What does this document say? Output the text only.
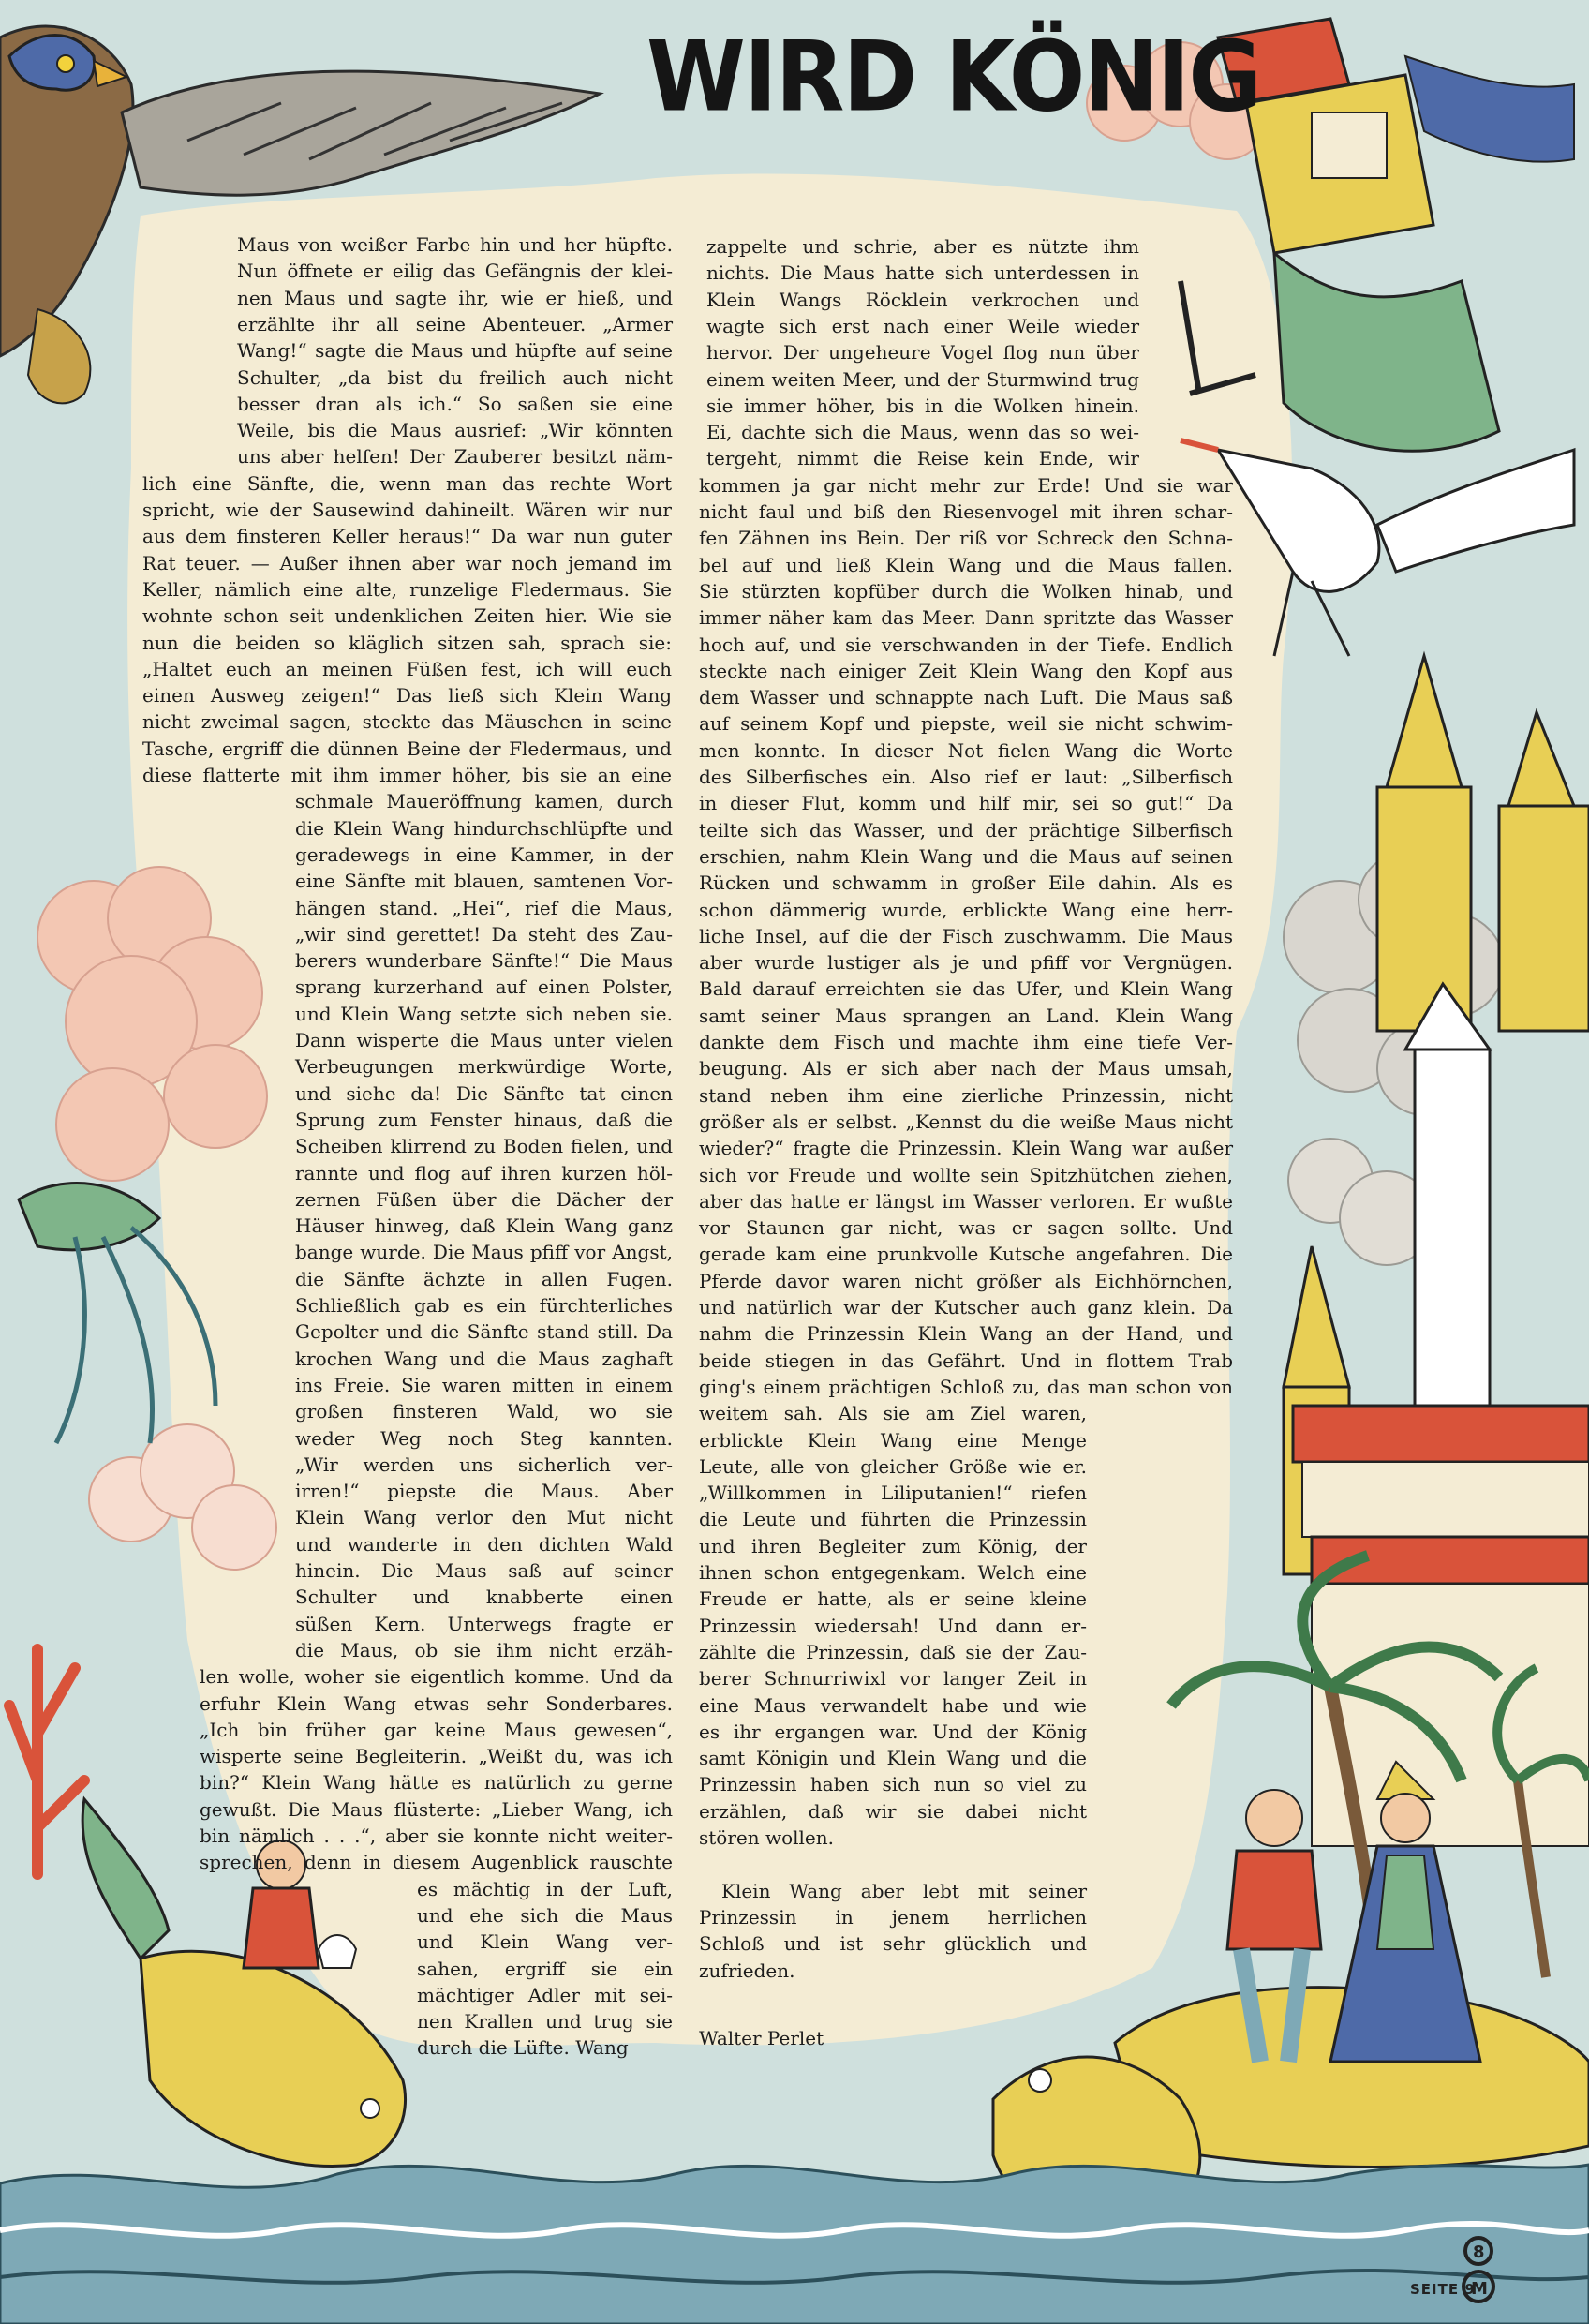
M
8
WIRD KÖNIG

Maus von weißer Farbe hin und her hüpfte.

Nun öffnete er eilig das Gefängnis der klei-

nen Maus und sagte ihr, wie er hieß, und

erzählte ihr all seine Abenteuer. „Armer

Wang!“ sagte die Maus und hüpfte auf seine

Schulter, „da bist du freilich auch nicht

besser dran als ich.“ So saßen sie eine

Weile, bis die Maus ausrief: „Wir könnten

uns aber helfen! Der Zauberer besitzt näm-

lich eine Sänfte, die, wenn man das rechte Wort

spricht, wie der Sausewind dahineilt. Wären wir nur

aus dem finsteren Keller heraus!“ Da war nun guter

Rat teuer. — Außer ihnen aber war noch jemand im

Keller, nämlich eine alte, runzelige Fledermaus. Sie

wohnte schon seit undenklichen Zeiten hier. Wie sie

nun die beiden so kläglich sitzen sah, sprach sie:

„Haltet euch an meinen Füßen fest, ich will euch

einen Ausweg zeigen!“ Das ließ sich Klein Wang

nicht zweimal sagen, steckte das Mäuschen in seine

Tasche, ergriff die dünnen Beine der Fledermaus, und

diese flatterte mit ihm immer höher, bis sie an eine

schmale Maueröffnung kamen, durch

die Klein Wang hindurchschlüpfte und

geradewegs in eine Kammer, in der

eine Sänfte mit blauen, samtenen Vor-

hängen stand. „Hei“, rief die Maus,

„wir sind gerettet! Da steht des Zau-

berers wunderbare Sänfte!“ Die Maus

sprang kurzerhand auf einen Polster,

und Klein Wang setzte sich neben sie.

Dann wisperte die Maus unter vielen

Verbeugungen merkwürdige Worte,

und siehe da! Die Sänfte tat einen

Sprung zum Fenster hinaus, daß die

Scheiben klirrend zu Boden fielen, und

rannte und flog auf ihren kurzen höl-

zernen Füßen über die Dächer der

Häuser hinweg, daß Klein Wang ganz

bange wurde. Die Maus pfiff vor Angst,

die Sänfte ächzte in allen Fugen.

Schließlich gab es ein fürchterliches

Gepolter und die Sänfte stand still. Da

krochen Wang und die Maus zaghaft

ins Freie. Sie waren mitten in einem

großen finsteren Wald, wo sie

weder Weg noch Steg kannten.

„Wir werden uns sicherlich ver-

irren!“ piepste die Maus. Aber

Klein Wang verlor den Mut nicht

und wanderte in den dichten Wald

hinein. Die Maus saß auf seiner

Schulter und knabberte einen

süßen Kern. Unterwegs fragte er

die Maus, ob sie ihm nicht erzäh-

len wolle, woher sie eigentlich komme. Und da

erfuhr Klein Wang etwas sehr Sonderbares.

„Ich bin früher gar keine Maus gewesen“,

wisperte seine Begleiterin. „Weißt du, was ich

bin?“ Klein Wang hätte es natürlich zu gerne

gewußt. Die Maus flüsterte: „Lieber Wang, ich

bin nämlich . . .“, aber sie konnte nicht weiter-

sprechen, denn in diesem Augenblick rauschte

es mächtig in der Luft,

und ehe sich die Maus

und Klein Wang ver-

sahen, ergriff sie ein

mächtiger Adler mit sei-

nen Krallen und trug sie

durch die Lüfte. Wang

zappelte und schrie, aber es nützte ihm

nichts. Die Maus hatte sich unterdessen in

Klein Wangs Röcklein verkrochen und

wagte sich erst nach einer Weile wieder

hervor. Der ungeheure Vogel flog nun über

einem weiten Meer, und der Sturmwind trug

sie immer höher, bis in die Wolken hinein.

Ei, dachte sich die Maus, wenn das so wei-

tergeht, nimmt die Reise kein Ende, wir

kommen ja gar nicht mehr zur Erde! Und sie war

nicht faul und biß den Riesenvogel mit ihren schar-

fen Zähnen ins Bein. Der riß vor Schreck den Schna-

bel auf und ließ Klein Wang und die Maus fallen.

Sie stürzten kopfüber durch die Wolken hinab, und

immer näher kam das Meer. Dann spritzte das Wasser

hoch auf, und sie verschwanden in der Tiefe. Endlich

steckte nach einiger Zeit Klein Wang den Kopf aus

dem Wasser und schnappte nach Luft. Die Maus saß

auf seinem Kopf und piepste, weil sie nicht schwim-

men konnte. In dieser Not fielen Wang die Worte

des Silberfisches ein. Also rief er laut: „Silberfisch

in dieser Flut, komm und hilf mir, sei so gut!“ Da

teilte sich das Wasser, und der prächtige Silberfisch

erschien, nahm Klein Wang und die Maus auf seinen

Rücken und schwamm in großer Eile dahin. Als es

schon dämmerig wurde, erblickte Wang eine herr-

liche Insel, auf die der Fisch zuschwamm. Die Maus

aber wurde lustiger als je und pfiff vor Vergnügen.

Bald darauf erreichten sie das Ufer, und Klein Wang

samt seiner Maus sprangen an Land. Klein Wang

dankte dem Fisch und machte ihm eine tiefe Ver-

beugung. Als er sich aber nach der Maus umsah,

stand neben ihm eine zierliche Prinzessin, nicht

größer als er selbst. „Kennst du die weiße Maus nicht

wieder?“ fragte die Prinzessin. Klein Wang war außer

sich vor Freude und wollte sein Spitzhütchen ziehen,

aber das hatte er längst im Wasser verloren. Er wußte

vor Staunen gar nicht, was er sagen sollte. Und

gerade kam eine prunkvolle Kutsche angefahren. Die

Pferde davor waren nicht größer als Eichhörnchen,

und natürlich war der Kutscher auch ganz klein. Da

nahm die Prinzessin Klein Wang an der Hand, und

beide stiegen in das Gefährt. Und in flottem Trab

ging's einem prächtigen Schloß zu, das man schon von

weitem sah. Als sie am Ziel waren,

erblickte Klein Wang eine Menge

Leute, alle von gleicher Größe wie er.

„Willkommen in Liliputanien!“ riefen

die Leute und führten die Prinzessin

und ihren Begleiter zum König, der

ihnen schon entgegenkam. Welch eine

Freude er hatte, als er seine kleine

Prinzessin wiedersah! Und dann er-

zählte die Prinzessin, daß sie der Zau-

berer Schnurriwixl vor langer Zeit in

eine Maus verwandelt habe und wie

es ihr ergangen war. Und der König

samt Königin und Klein Wang und die

Prinzessin haben sich nun so viel zu

erzählen, daß wir sie dabei nicht

stören wollen.

Klein Wang aber lebt mit seiner

Prinzessin in jenem herrlichen

Schloß und ist sehr glücklich und

zufrieden.

Walter Perlet

SEITE 9
